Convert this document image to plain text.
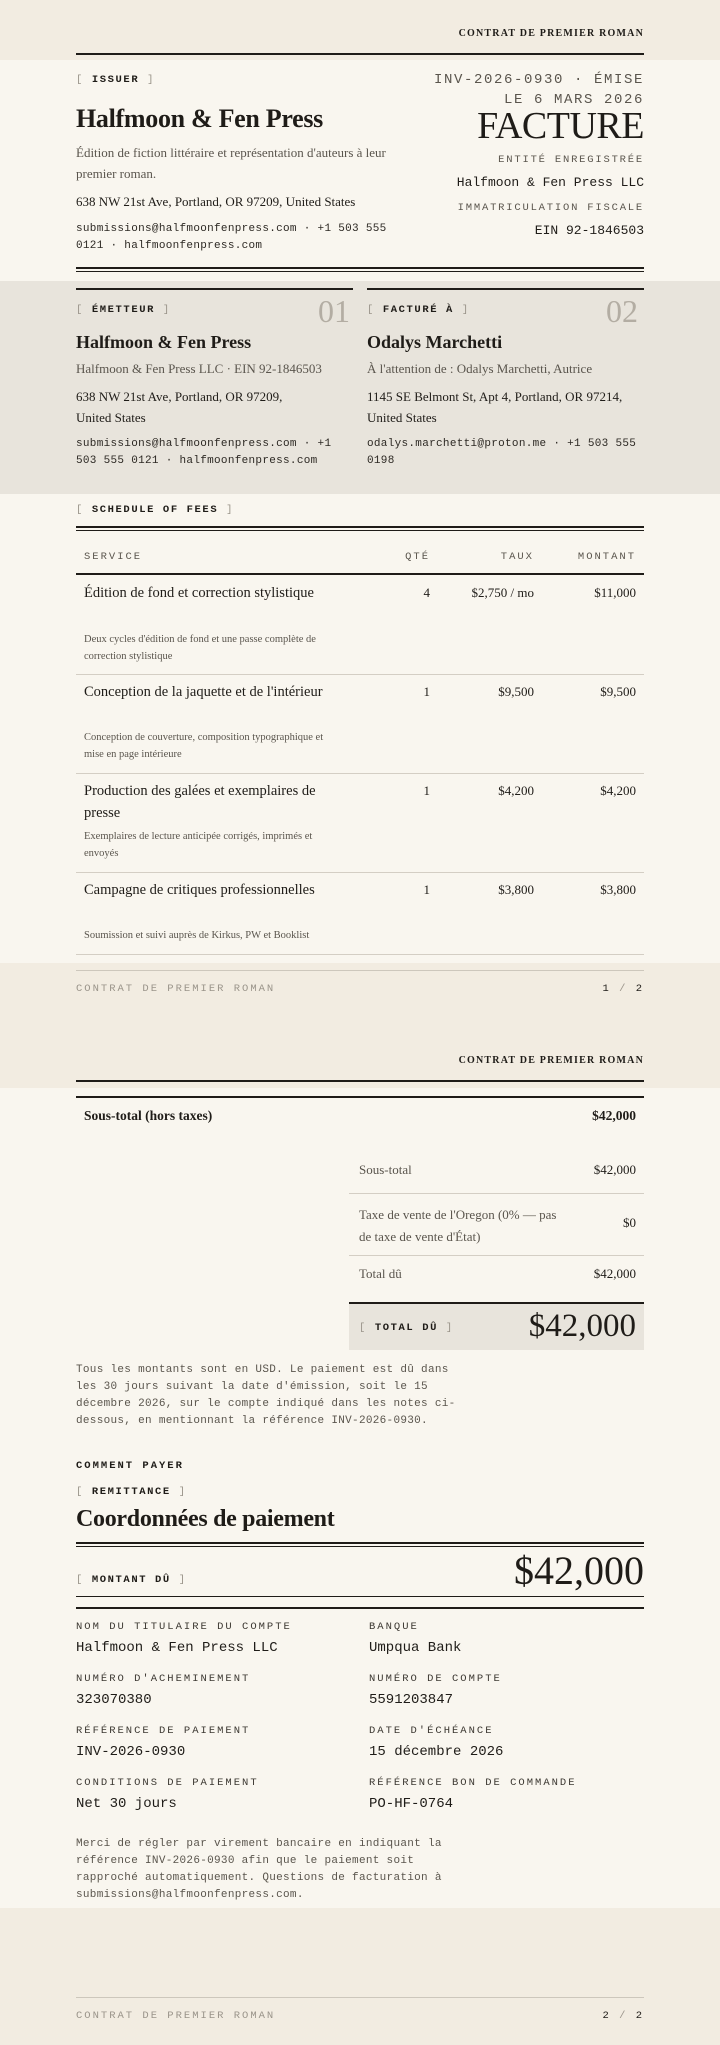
CONTRAT DE PREMIER ROMAN
[ ISSUER ]
Halfmoon & Fen Press
Édition de fiction littéraire et représentation d'auteurs à leur premier roman.
638 NW 21st Ave, Portland, OR 97209, United States
submissions@halfmoonfenpress.com · +1 503 555 0121 · halfmoonfenpress.com
INV-2026-0930 · ÉMISE
LE 6 MARS 2026
FACTURE
ENTITÉ ENREGISTRÉE
Halfmoon & Fen Press LLC
IMMATRICULATION FISCALE
EIN 92-1846503
[ ÉMETTEUR ]	01
Halfmoon & Fen Press
Halfmoon & Fen Press LLC · EIN 92-1846503
638 NW 21st Ave, Portland, OR 97209, United States
submissions@halfmoonfenpress.com · +1 503 555 0121 · halfmoonfenpress.com
[ FACTURÉ À ]	02
Odalys Marchetti
À l'attention de : Odalys Marchetti, Autrice
1145 SE Belmont St, Apt 4, Portland, OR 97214, United States
odalys.marchetti@proton.me · +1 503 555 0198
[ SCHEDULE OF FEES ]
SERVICE	QTÉ	TAUX	MONTANT
Édition de fond et correction stylistique
Deux cycles d'édition de fond et une passe complète de correction stylistique
4	$2,750 / mo	$11,000
Conception de la jaquette et de l'intérieur
Conception de couverture, composition typographique et mise en page intérieure
1	$9,500	$9,500
Production des galées et exemplaires de presse
Exemplaires de lecture anticipée corrigés, imprimés et envoyés
1	$4,200	$4,200
Campagne de critiques professionnelles
Soumission et suivi auprès de Kirkus, PW et Booklist
1	$3,800	$3,800
CONTRAT DE PREMIER ROMAN	1 / 2
CONTRAT DE PREMIER ROMAN
Sous-total (hors taxes)	$42,000
Sous-total	$42,000
Taxe de vente de l'Oregon (0% — pas de taxe de vente d'État)
$0
Total dû	$42,000
[ TOTAL DÛ ] $42,000
Tous les montants sont en USD. Le paiement est dû dans les 30 jours suivant la date d'émission, soit le 15 décembre 2026, sur le compte indiqué dans les notes ci-dessous, en mentionnant la référence INV-2026-0930.
COMMENT PAYER
[ REMITTANCE ]
Coordonnées de paiement
[ MONTANT DÛ ]	$42,000
NOM DU TITULAIRE DU COMPTE
Halfmoon & Fen Press LLC
BANQUE
Umpqua Bank
NUMÉRO D'ACHEMINEMENT
323070380
NUMÉRO DE COMPTE
5591203847
RÉFÉRENCE DE PAIEMENT
INV-2026-0930
DATE D'ÉCHÉANCE
15 décembre 2026
CONDITIONS DE PAIEMENT
Net 30 jours
RÉFÉRENCE BON DE COMMANDE
PO-HF-0764
Merci de régler par virement bancaire en indiquant la référence INV-2026-0930 afin que le paiement soit rapproché automatiquement. Questions de facturation à submissions@halfmoonfenpress.com.
CONTRAT DE PREMIER ROMAN	2 / 2
